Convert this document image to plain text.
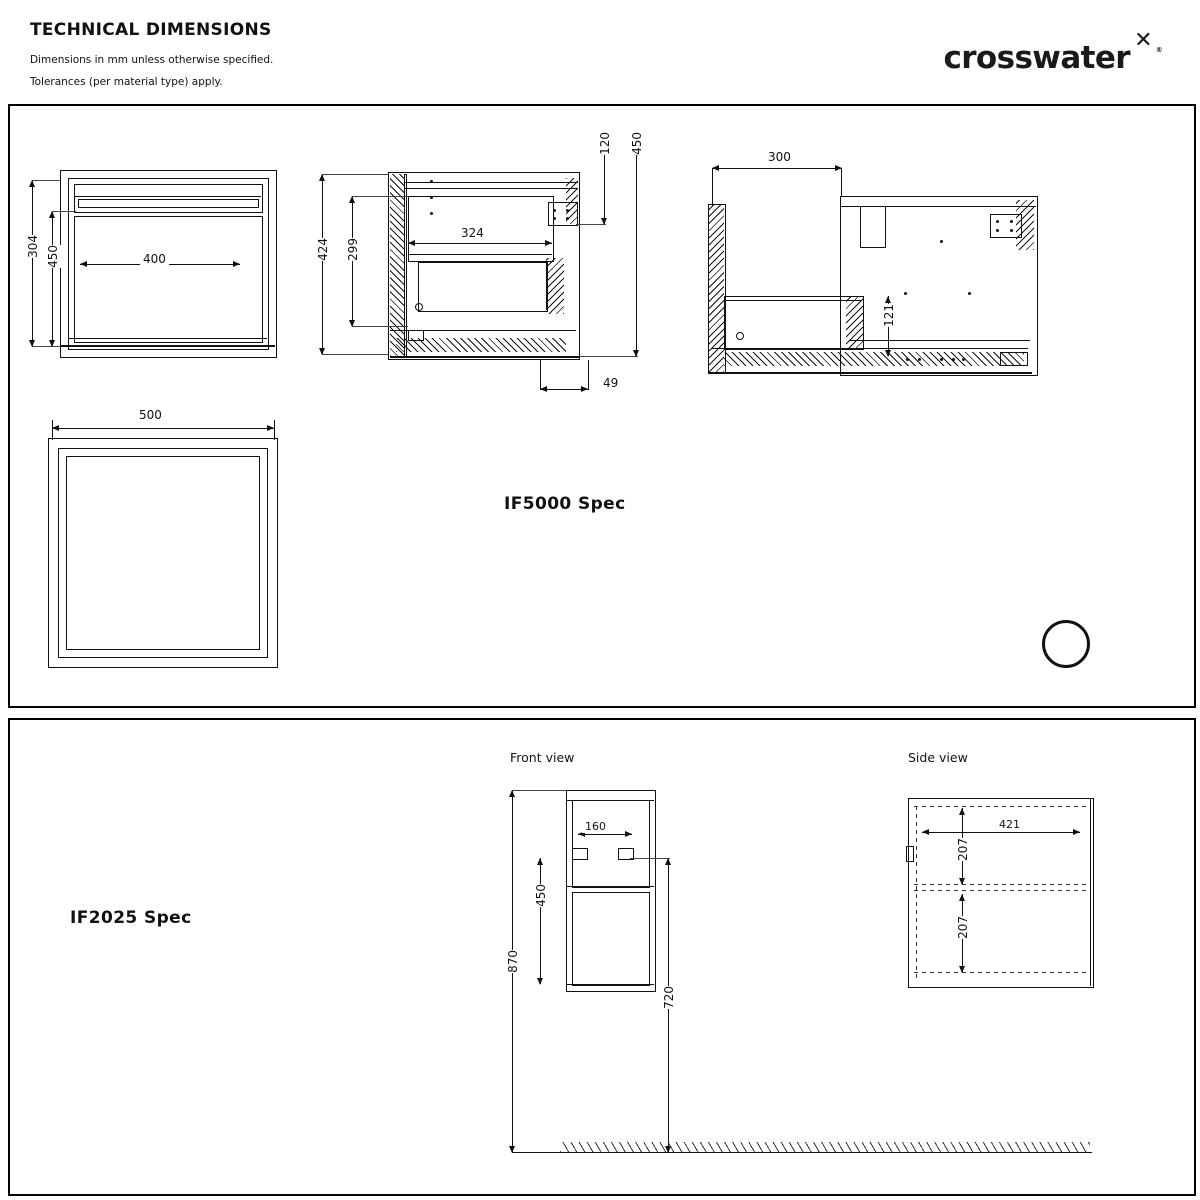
TECHNICAL DIMENSIONS
Dimensions in mm unless otherwise specified.
Tolerances (per material type) apply.
crosswater ✕ ®
304 450	400	424 299
324
120 450
49
300
121
500
IF5000 Spec
IF2025 Spec
Front view	Side view
160
450
870
720
421
207
207
